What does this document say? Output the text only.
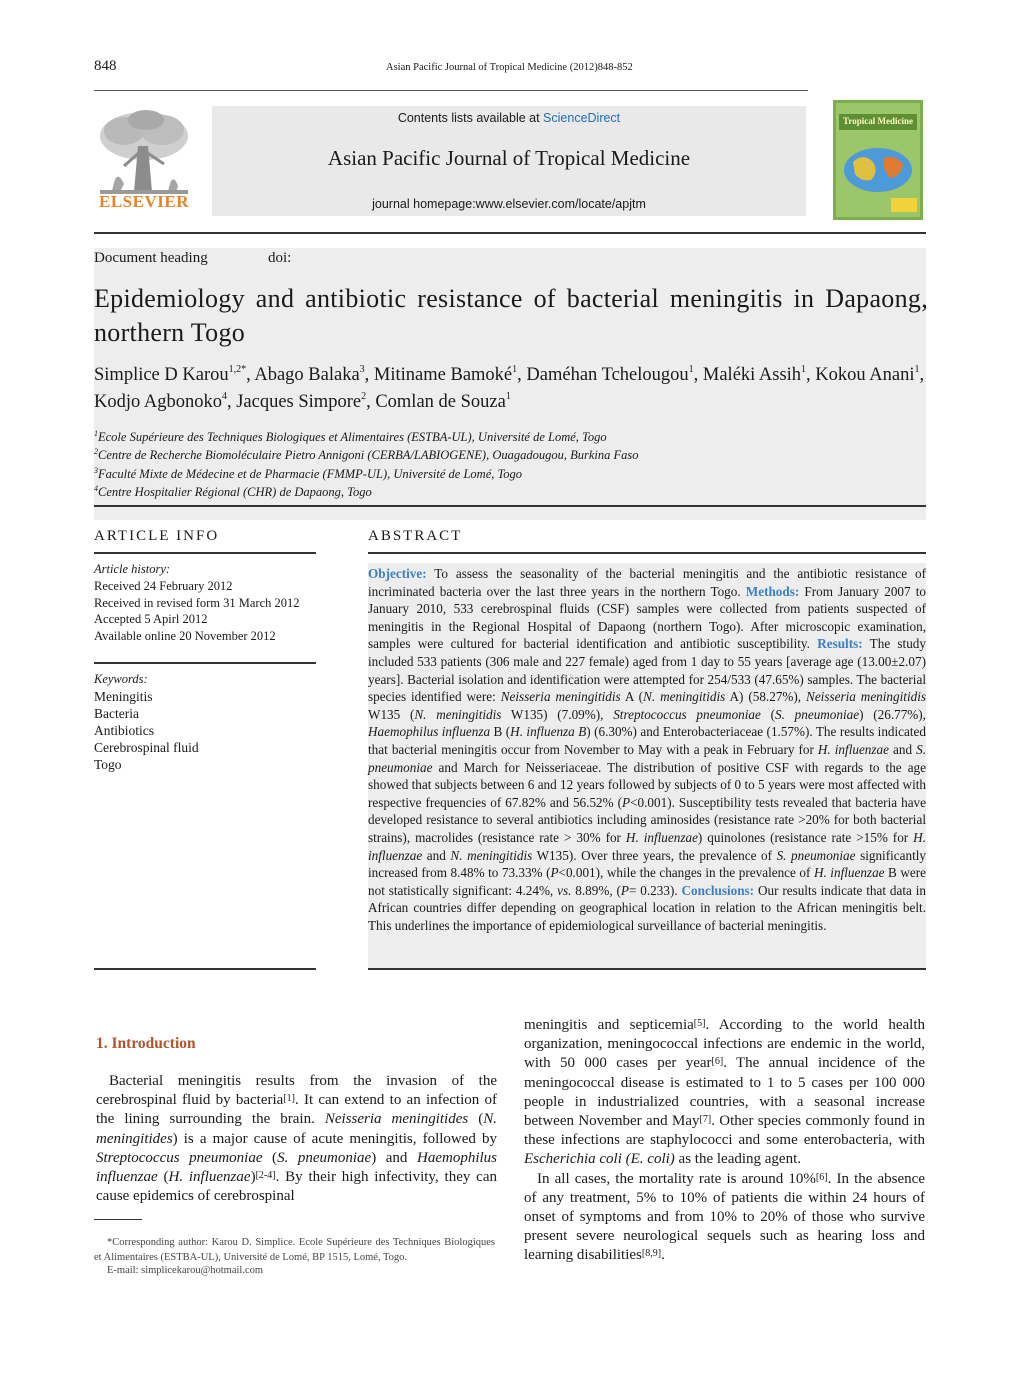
848	Asian Pacific Journal of Tropical Medicine (2012)848-852
ELSEVIER
Contents lists available at ScienceDirect
Asian Pacific Journal of Tropical Medicine
journal homepage:www.elsevier.com/locate/apjtm
Tropical Medicine
Document heading	doi:
Epidemiology and antibiotic resistance of bacterial meningitis in Dapaong, northern Togo
Simplice D Karou$^{1,2*}$, Abago Balaka$^3$, Mitiname Bamoké$^1$, Daméhan Tchelougou$^1$, Maléki Assih$^1$, Kokou Anani$^1$, Kodjo Agbonoko$^4$, Jacques Simpore$^2$, Comlan de Souza$^1$
$^1$Ecole Supérieure des Techniques Biologiques et Alimentaires (ESTBA-UL), Université de Lomé, Togo
$^2$Centre de Recherche Biomoléculaire Pietro Annigoni (CERBA/LABIOGENE), Ouagadougou, Burkina Faso
$^3$Faculté Mixte de Médecine et de Pharmacie (FMMP-UL), Université de Lomé, Togo
$^4$Centre Hospitalier Régional (CHR) de Dapaong, Togo
ARTICLE INFO
Article history:
Received 24 February 2012
Received in revised form 31 March 2012
Accepted 5 Apirl 2012
Available online 20 November 2012
Keywords:
Meningitis
Bacteria
Antibiotics
Cerebrospinal fluid
Togo
ABSTRACT
Objective: To assess the seasonality of the bacterial meningitis and the antibiotic resistance of incriminated bacteria over the last three years in the northern Togo. Methods: From January 2007 to January 2010, 533 cerebrospinal fluids (CSF) samples were collected from patients suspected of meningitis in the Regional Hospital of Dapaong (northern Togo). After microscopic examination, samples were cultured for bacterial identification and antibiotic susceptibility. Results: The study included 533 patients (306 male and 227 female) aged from 1 day to 55 years [average age (13.00±2.07) years]. Bacterial isolation and identification were attempted for 254/533 (47.65%) samples. The bacterial species identified were: Neisseria meningitidis A (N. meningitidis A) (58.27%), Neisseria meningitidis W135 (N. meningitidis W135) (7.09%), Streptococcus pneumoniae (S. pneumoniae) (26.77%), Haemophilus influenza B (H. influenza B) (6.30%) and Enterobacteriaceae (1.57%). The results indicated that bacterial meningitis occur from November to May with a peak in February for H. influenzae and S. pneumoniae and March for Neisseriaceae. The distribution of positive CSF with regards to the age showed that subjects between 6 and 12 years followed by subjects of 0 to 5 years were most affected with respective frequencies of 67.82% and 56.52% (P<0.001). Susceptibility tests revealed that bacteria have developed resistance to several antibiotics including aminosides (resistance rate >20% for both bacterial strains), macrolides (resistance rate > 30% for H. influenzae) quinolones (resistance rate >15% for H. influenzae and N. meningitidis W135). Over three years, the prevalence of S. pneumoniae significantly increased from 8.48% to 73.33% (P<0.001), while the changes in the prevalence of H. influenzae B were not statistically significant: 4.24%, vs. 8.89%, (P= 0.233). Conclusions: Our results indicate that data in African countries differ depending on geographical location in relation to the African meningitis belt. This underlines the importance of epidemiological surveillance of bacterial meningitis.
1. Introduction
Bacterial meningitis results from the invasion of the cerebrospinal fluid by bacteria[1]. It can extend to an infection of the lining surrounding the brain. Neisseria meningitides (N. meningitides) is a major cause of acute meningitis, followed by Streptococcus pneumoniae (S. pneumoniae) and Haemophilus influenzae (H. influenzae)[2-4]. By their high infectivity, they can cause epidemics of cerebrospinal
meningitis and septicemia[5]. According to the world health organization, meningococcal infections are endemic in the world, with 50 000 cases per year[6]. The annual incidence of the meningococcal disease is estimated to 1 to 5 cases per 100 000 people in industrialized countries, with a seasonal increase between November and May[7]. Other species commonly found in these infections are staphylococci and some enterobacteria, with Escherichia coli (E. coli) as the leading agent.
In all cases, the mortality rate is around 10%[6]. In the absence of any treatment, 5% to 10% of patients die within 24 hours of onset of symptoms and from 10% to 20% of those who survive present severe neurological sequels such as hearing loss and learning disabilities[8,9].
*Corresponding author: Karou D. Simplice. Ecole Supérieure des Techniques Biologiques et Alimentaires (ESTBA-UL), Université de Lomé, BP 1515, Lomé, Togo.
E-mail: simplicekarou@hotmail.com
